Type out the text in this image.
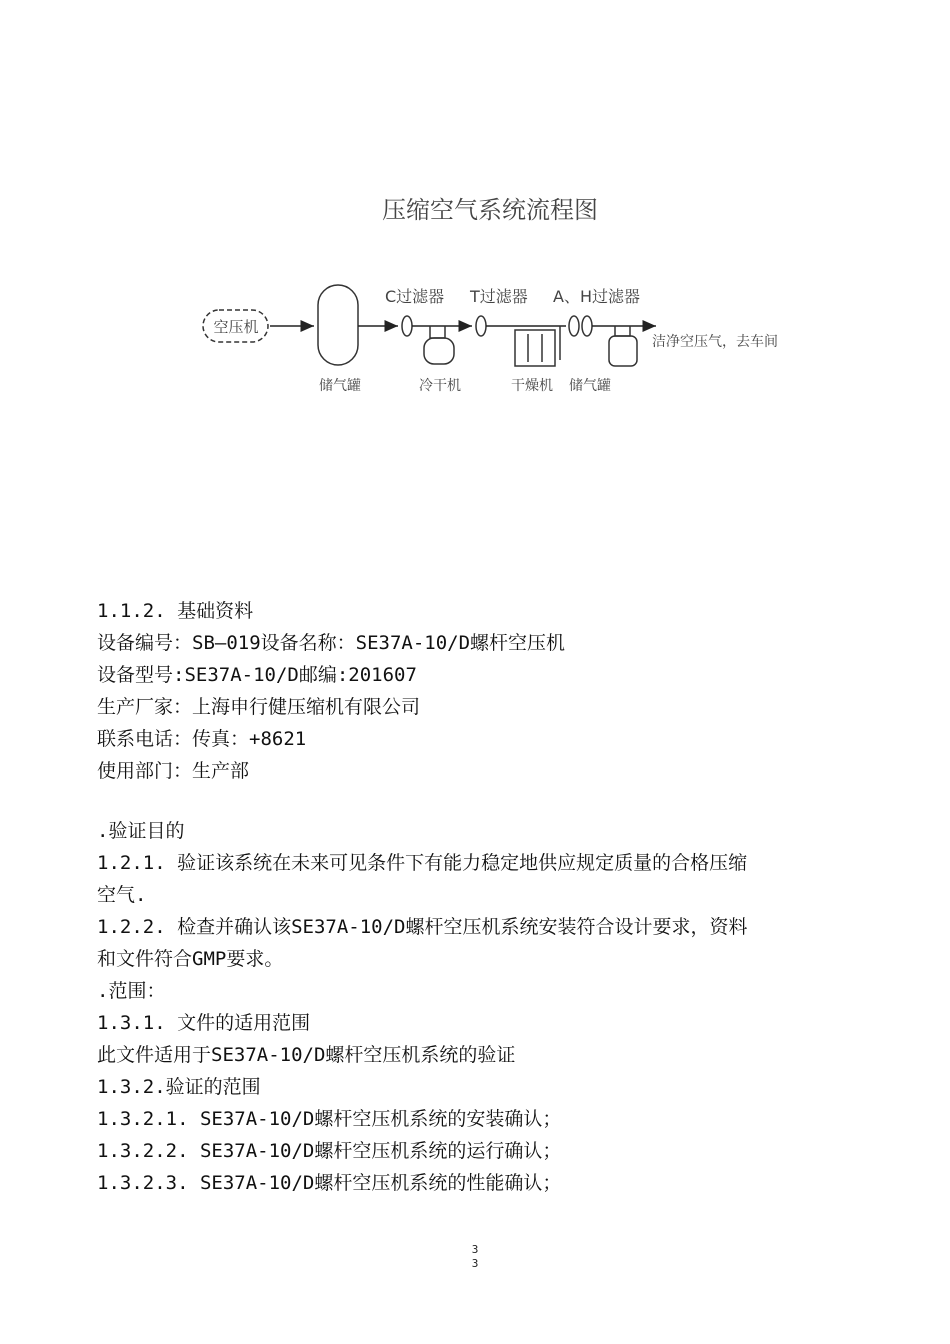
压缩空气系统流程图
空压机
储气罐
C过滤器
冷干机
T过滤器
干燥机
A、H过滤器
储气罐
洁净空压气，去车间
1.1.2. 基础资料
设备编号：SB—019设备名称：SE37A-10/D螺杆空压机
设备型号:SE37A-10/D邮编:201607
生产厂家：上海申行健压缩机有限公司
联系电话：传真：+8621
使用部门：生产部
.验证目的
1.2.1. 验证该系统在未来可见条件下有能力稳定地供应规定质量的合格压缩
空气.
1.2.2. 检查并确认该SE37A-10/D螺杆空压机系统安装符合设计要求，资料
和文件符合GMP要求。
.范围：
1.3.1. 文件的适用范围
此文件适用于SE37A-10/D螺杆空压机系统的验证
1.3.2.验证的范围
1.3.2.1. SE37A-10/D螺杆空压机系统的安装确认；
1.3.2.2. SE37A-10/D螺杆空压机系统的运行确认；
1.3.2.3. SE37A-10/D螺杆空压机系统的性能确认；
3
3
